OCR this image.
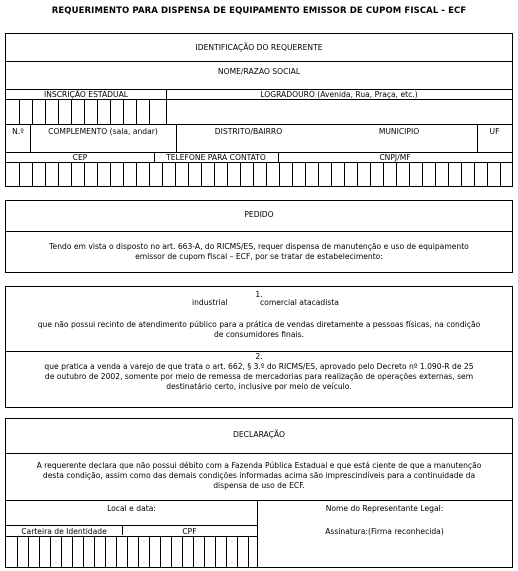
REQUERIMENTO PARA DISPENSA DE EQUIPAMENTO EMISSOR DE CUPOM FISCAL - ECF
IDENTIFICAÇÃO DO REQUERENTE
NOME/RAZAO SOCIAL
INSCRIÇÃO ESTADUAL	LOGRADOURO (Avenida, Rua, Praça, etc.)
N.º	COMPLEMENTO (sala, andar)	DISTRITO/BAIRRO	MUNICIPIO	UF
CEP	TELEFONE PARA CONTATO	CNPJ/MF
PEDIDO
Tendo em vista o disposto no art. 663-A, do RICMS/ES, requer dispensa de manutenção e uso de equipamento
emissor de cupom fiscal – ECF, por se tratar de estabelecimento:
1.
industrial	comercial atacadista
que não possui recinto de atendimento público para a prática de vendas diretamente a pessoas físicas, na condição
de consumidores finais.
2.
que pratica a venda a varejo de que trata o art. 662, § 3.º do RICMS/ES, aprovado pelo Decreto nº 1.090-R de 25
de outubro de 2002, somente por meio de remessa de mercadorias para realização de operações externas, sem
destinatário certo, inclusive por meio de veículo.
DECLARAÇÃO
A requerente declara que não possui débito com a Fazenda Pública Estadual e que está ciente de que a manutenção
desta condição, assim como das demais condições informadas acima são imprescindíveis para a continuidade da
dispensa de uso de ECF.
Local e data:	Nome do Representante Legal:
Carteira de Identidade	CPF	Assinatura:(Firma reconhecida)
